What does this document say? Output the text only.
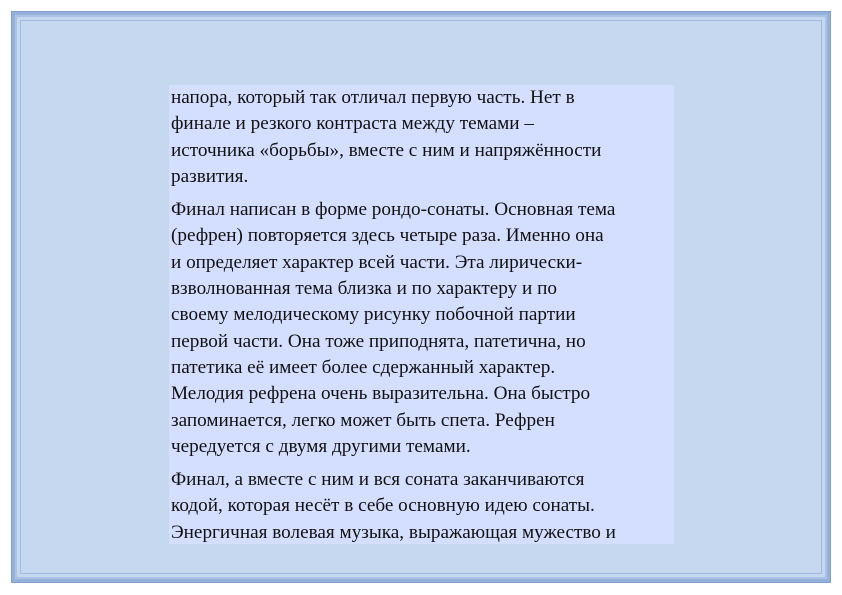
напора, который так отличал первую часть. Нет в
финале и резкого контраста между темами –
источника «борьбы», вместе с ним и напряжённости
развития.

Финал написан в форме рондо-сонаты. Основная тема
(рефрен) повторяется здесь четыре раза. Именно она
и определяет характер всей части. Эта лирически-
взволнованная тема близка и по характеру и по
своему мелодическому рисунку побочной партии
первой части. Она тоже приподнята, патетична, но
патетика её имеет более сдержанный характер.
Мелодия рефрена очень выразительна. Она быстро
запоминается, легко может быть спета. Рефрен
чередуется с двумя другими темами.

Финал, а вместе с ним и вся соната заканчиваются
кодой, которая несёт в себе основную идею сонаты.
Энергичная волевая музыка, выражающая мужество и
